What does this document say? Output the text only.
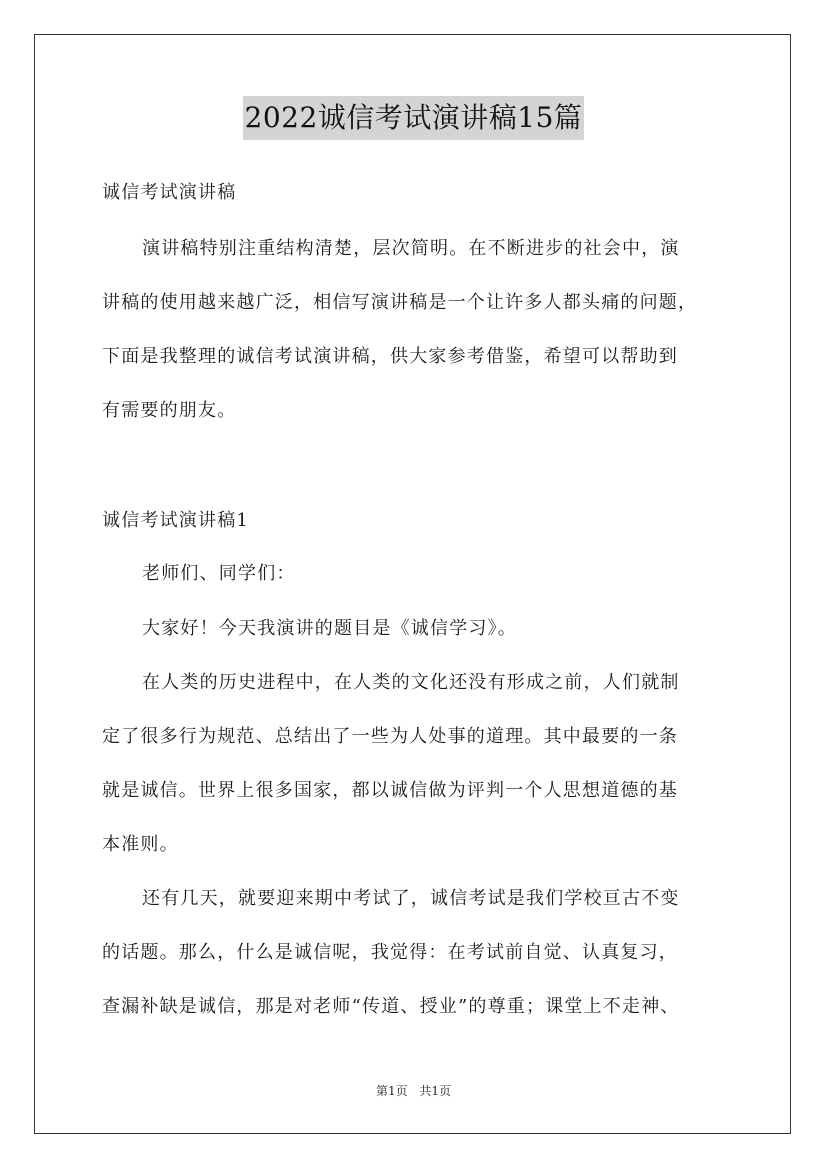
2022诚信考试演讲稿15篇
诚信考试演讲稿
演讲稿特别注重结构清楚，层次简明。在不断进步的社会中，演
讲稿的使用越来越广泛，相信写演讲稿是一个让许多人都头痛的问题，
下面是我整理的诚信考试演讲稿，供大家参考借鉴，希望可以帮助到
有需要的朋友。
诚信考试演讲稿1
老师们、同学们：
大家好！今天我演讲的题目是《诚信学习》。
在人类的历史进程中，在人类的文化还没有形成之前，人们就制
定了很多行为规范、总结出了一些为人处事的道理。其中最要的一条
就是诚信。世界上很多国家，都以诚信做为评判一个人思想道德的基
本准则。
还有几天，就要迎来期中考试了，诚信考试是我们学校亘古不变
的话题。那么，什么是诚信呢，我觉得：在考试前自觉、认真复习，
查漏补缺是诚信，那是对老师“传道、授业”的尊重；课堂上不走神、
第1页 共1页
